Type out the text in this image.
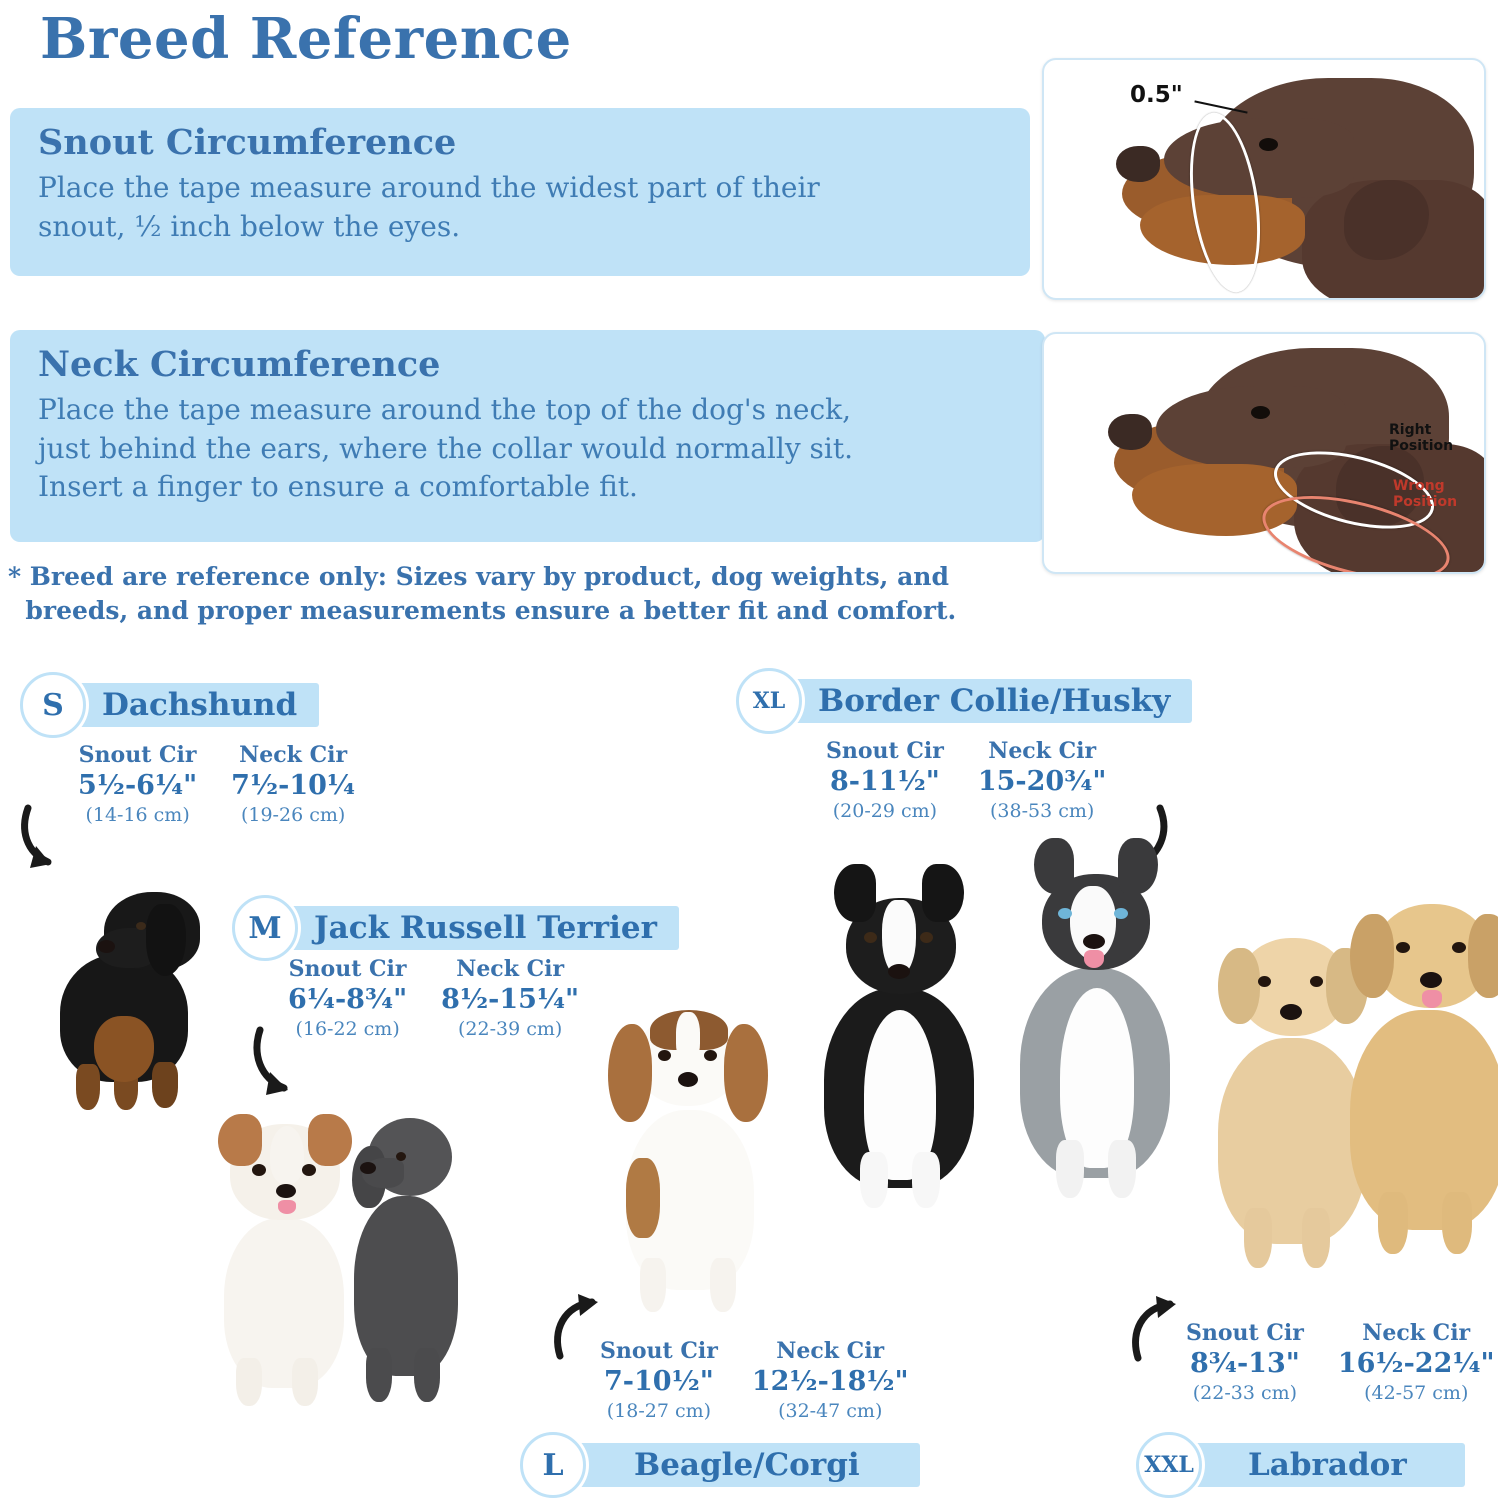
Breed Reference
Snout Circumference

Place the tape measure around the widest part of their
snout, ½ inch below the eyes.

Neck Circumference

Place the tape measure around the top of the dog's neck,
just behind the ears, where the collar would normally sit.
Insert a finger to ensure a comfortable fit.

0.5"
Right
Position
Wrong
Position
* Breed are reference only: Sizes vary by product, dog weights, and
breeds, and proper measurements ensure a better fit and comfort.
S	Dachshund
Snout Cir
5½-6¼"
(14-16 cm)
Neck Cir
7½-10¼
(19-26 cm)
M	Jack Russell Terrier
Snout Cir
6¼-8¾"
(16-22 cm)
Neck Cir
8½-15¼"
(22-39 cm)
Snout Cir
7-10½"
(18-27 cm)
Neck Cir
12½-18½"
(32-47 cm)
L	Beagle/Corgi
XL	Border Collie/Husky
Snout Cir
8-11½"
(20-29 cm)
Neck Cir
15-20¾"
(38-53 cm)
Snout Cir
8¾-13"
(22-33 cm)
Neck Cir
16½-22¼"
(42-57 cm)
XXL	Labrador
